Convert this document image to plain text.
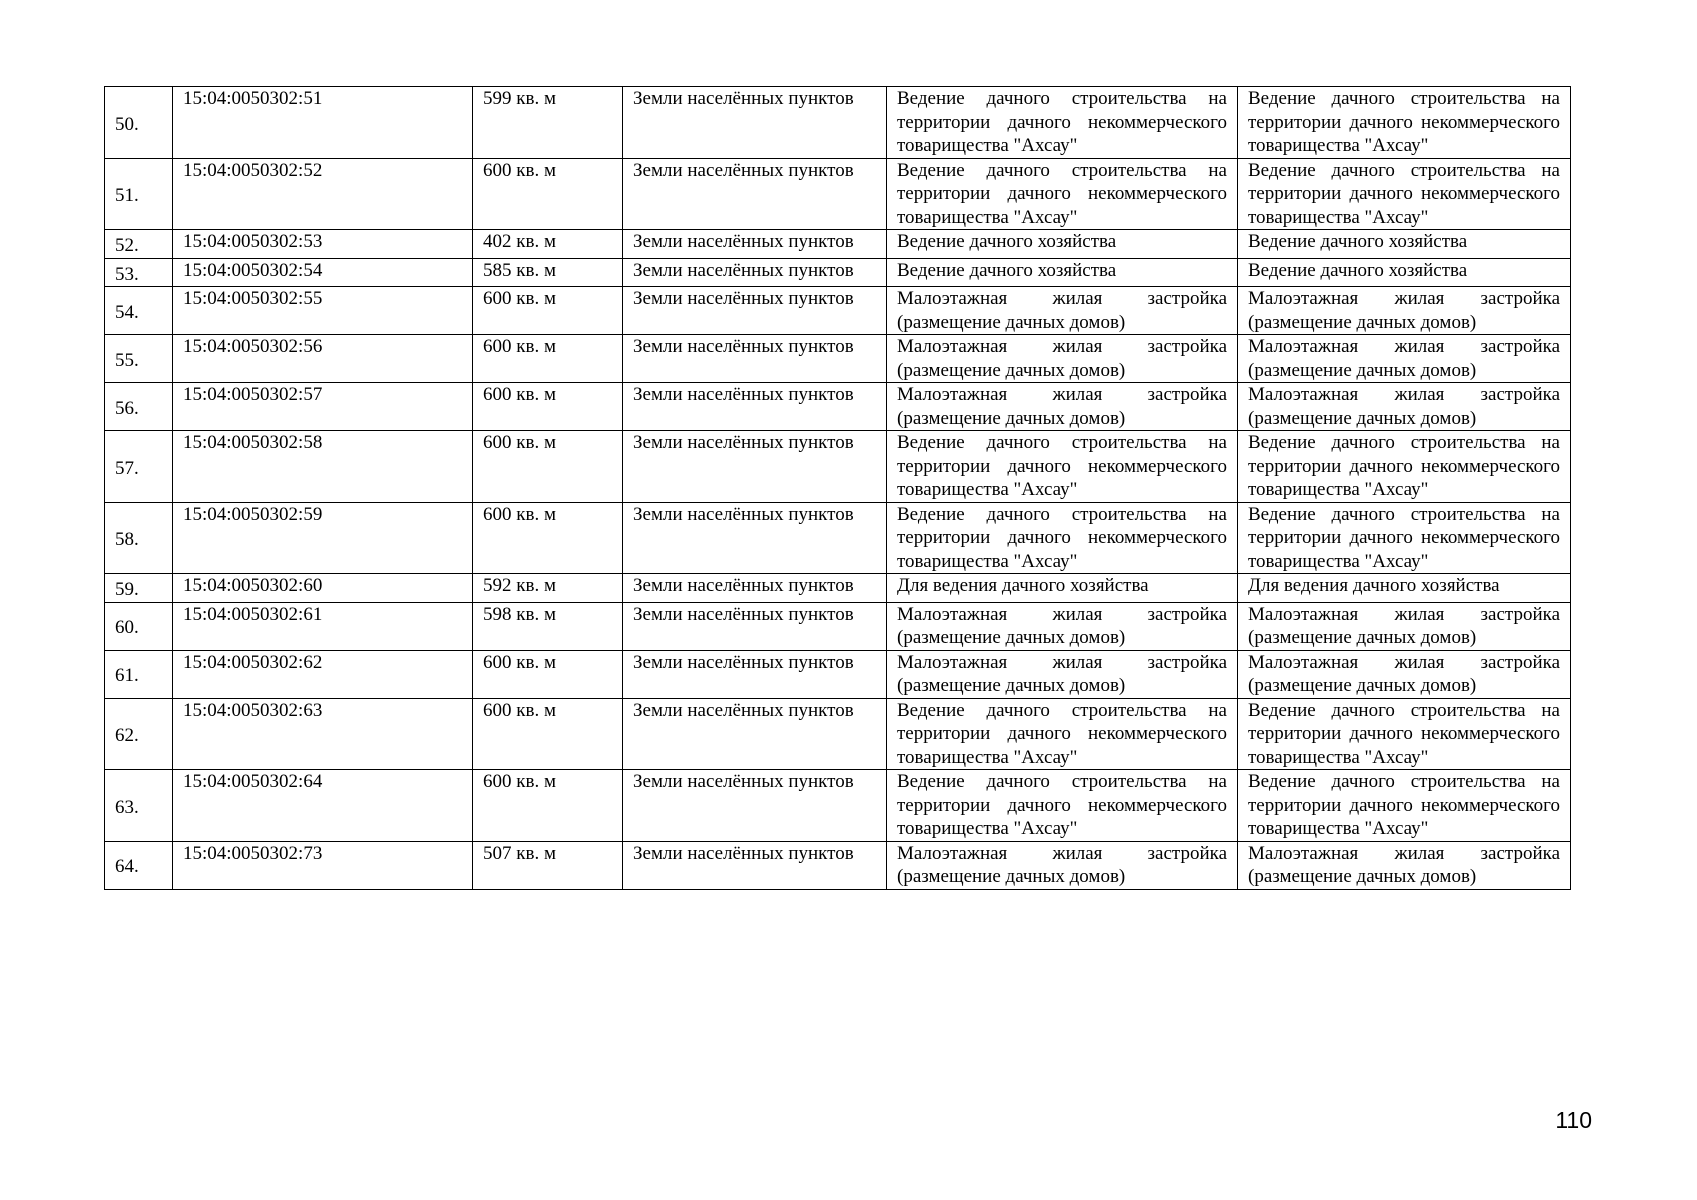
50.	15:04:0050302:51	599 кв. м	Земли населённых пунктов	Ведение дачного строительства на территории дачного некоммерческого товарищества "Ахсау"	Ведение дачного строительства на территории дачного некоммерческого товарищества "Ахсау"
51.	15:04:0050302:52	600 кв. м	Земли населённых пунктов	Ведение дачного строительства на территории дачного некоммерческого товарищества "Ахсау"	Ведение дачного строительства на территории дачного некоммерческого товарищества "Ахсау"
52.	15:04:0050302:53	402 кв. м	Земли населённых пунктов	Ведение дачного хозяйства	Ведение дачного хозяйства
53.	15:04:0050302:54	585 кв. м	Земли населённых пунктов	Ведение дачного хозяйства	Ведение дачного хозяйства
54.	15:04:0050302:55	600 кв. м	Земли населённых пунктов	Малоэтажная жилая застройка (размещение дачных домов)	Малоэтажная жилая застройка (размещение дачных домов)
55.	15:04:0050302:56	600 кв. м	Земли населённых пунктов	Малоэтажная жилая застройка (размещение дачных домов)	Малоэтажная жилая застройка (размещение дачных домов)
56.	15:04:0050302:57	600 кв. м	Земли населённых пунктов	Малоэтажная жилая застройка (размещение дачных домов)	Малоэтажная жилая застройка (размещение дачных домов)
57.	15:04:0050302:58	600 кв. м	Земли населённых пунктов	Ведение дачного строительства на территории дачного некоммерческого товарищества "Ахсау"	Ведение дачного строительства на территории дачного некоммерческого товарищества "Ахсау"
58.	15:04:0050302:59	600 кв. м	Земли населённых пунктов	Ведение дачного строительства на территории дачного некоммерческого товарищества "Ахсау"	Ведение дачного строительства на территории дачного некоммерческого товарищества "Ахсау"
59.	15:04:0050302:60	592 кв. м	Земли населённых пунктов	Для ведения дачного хозяйства	Для ведения дачного хозяйства
60.	15:04:0050302:61	598 кв. м	Земли населённых пунктов	Малоэтажная жилая застройка (размещение дачных домов)	Малоэтажная жилая застройка (размещение дачных домов)
61.	15:04:0050302:62	600 кв. м	Земли населённых пунктов	Малоэтажная жилая застройка (размещение дачных домов)	Малоэтажная жилая застройка (размещение дачных домов)
62.	15:04:0050302:63	600 кв. м	Земли населённых пунктов	Ведение дачного строительства на территории дачного некоммерческого товарищества "Ахсау"	Ведение дачного строительства на территории дачного некоммерческого товарищества "Ахсау"
63.	15:04:0050302:64	600 кв. м	Земли населённых пунктов	Ведение дачного строительства на территории дачного некоммерческого товарищества "Ахсау"	Ведение дачного строительства на территории дачного некоммерческого товарищества "Ахсау"
64.	15:04:0050302:73	507 кв. м	Земли населённых пунктов	Малоэтажная жилая застройка (размещение дачных домов)	Малоэтажная жилая застройка (размещение дачных домов)
110
